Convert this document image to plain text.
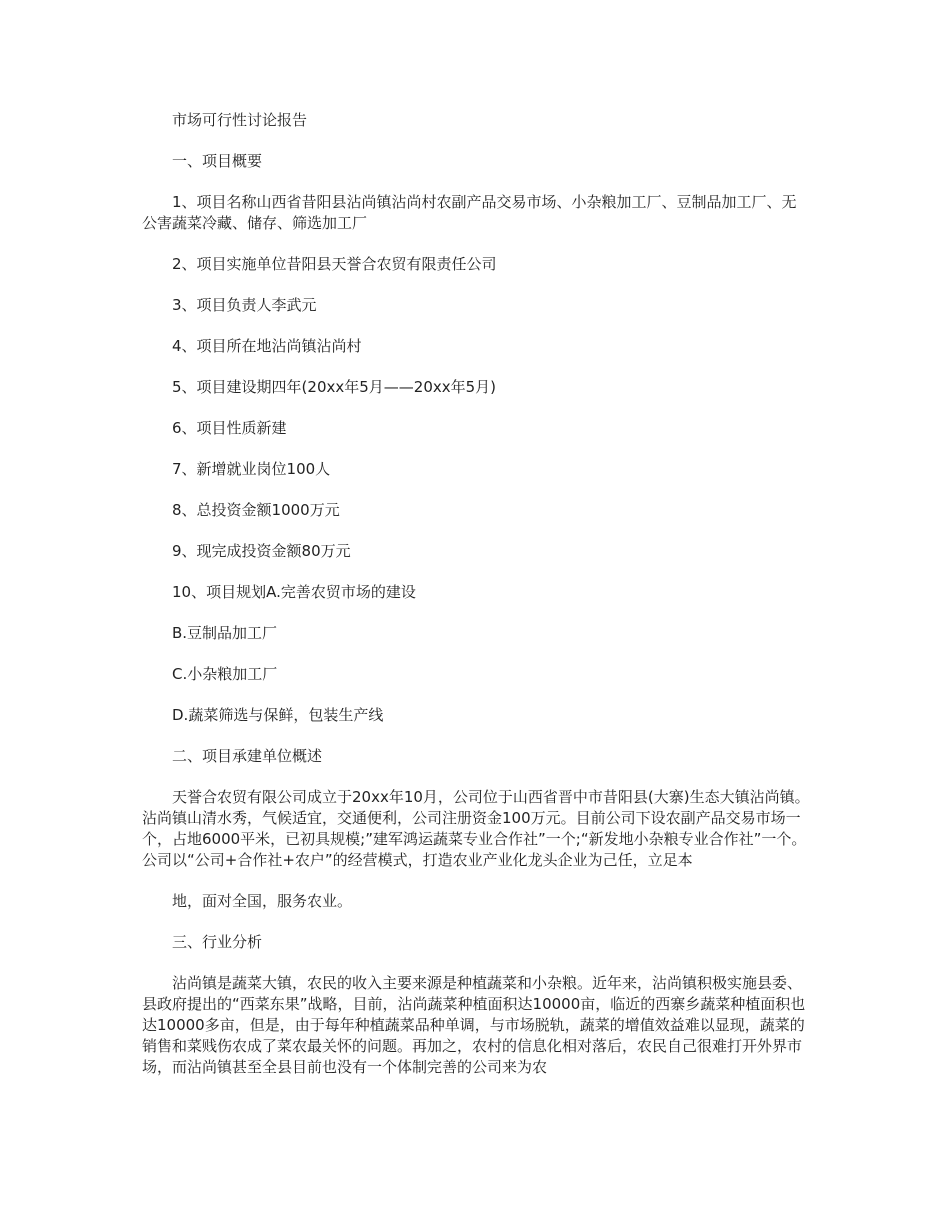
市场可行性讨论报告

一、项目概要

1、项目名称山西省昔阳县沾尚镇沾尚村农副产品交易市场、小杂粮加工厂、豆制品加工厂、无公害蔬菜冷藏、储存、筛选加工厂

2、项目实施单位昔阳县天誉合农贸有限责任公司

3、项目负责人李武元

4、项目所在地沾尚镇沾尚村

5、项目建设期四年(20xx年5月——20xx年5月)

6、项目性质新建

7、新增就业岗位100人

8、总投资金额1000万元

9、现完成投资金额80万元

10、项目规划A.完善农贸市场的建设

B.豆制品加工厂

C.小杂粮加工厂

D.蔬菜筛选与保鲜，包装生产线

二、项目承建单位概述

天誉合农贸有限公司成立于20xx年10月，公司位于山西省晋中市昔阳县(大寨)生态大镇沾尚镇。沾尚镇山清水秀，气候适宜，交通便利，公司注册资金100万元。目前公司下设农副产品交易市场一个，占地6000平米，已初具规模;”建军鸿运蔬菜专业合作社”一个;“新发地小杂粮专业合作社”一个。公司以“公司+合作社+农户”的经营模式，打造农业产业化龙头企业为己任，立足本

地，面对全国，服务农业。

三、行业分析

沾尚镇是蔬菜大镇，农民的收入主要来源是种植蔬菜和小杂粮。近年来，沾尚镇积极实施县委、县政府提出的“西菜东果”战略，目前，沾尚蔬菜种植面积达10000亩，临近的西寨乡蔬菜种植面积也达10000多亩，但是，由于每年种植蔬菜品种单调，与市场脱轨，蔬菜的增值效益难以显现，蔬菜的销售和菜贱伤农成了菜农最关怀的问题。再加之，农村的信息化相对落后，农民自己很难打开外界市场，而沾尚镇甚至全县目前也没有一个体制完善的公司来为农
